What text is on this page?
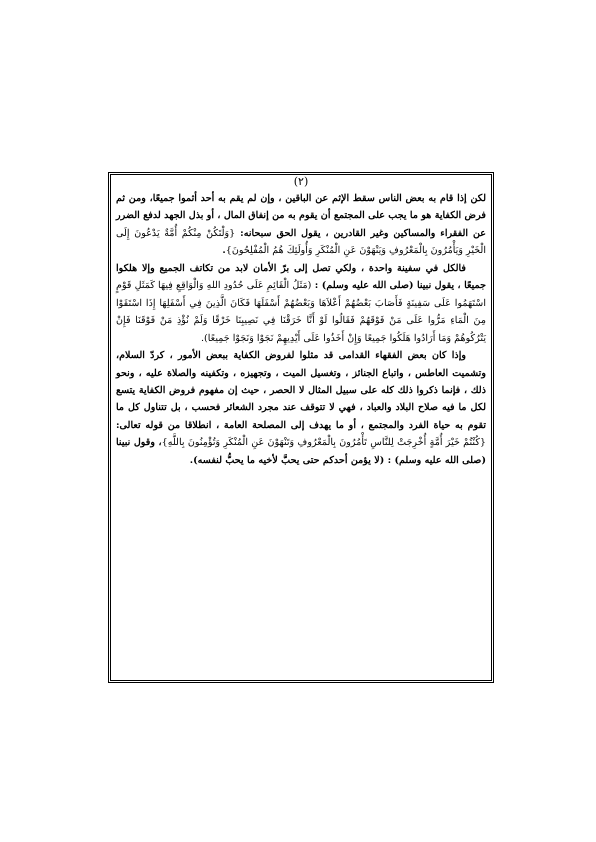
(٢)

لكن إذا قام به بعض الناس سقط الإثم عن الباقين ، وإن لم يقم به أحد أثموا جميعًا، ومن ثم فرض الكفاية هو ما يجب على المجتمع أن يقوم به من إنفاق المال ، أو بذل الجهد لدفع الضرر عن الفقراء والمساكين وغير القادرين ، يقول الحق سبحانه: {وَلْتَكُنْ مِنْكُمْ أُمَّةٌ يَدْعُونَ إِلَى الْخَيْرِ وَيَأْمُرُونَ بِالْمَعْرُوفِ وَيَنْهَوْنَ عَنِ الْمُنْكَرِ وَأُولَئِكَ هُمُ الْمُفْلِحُونَ}.

فالكل في سفينة واحدة ، ولكي تصل إلى برّ الأمان لابد من تكاتف الجميع وإلا هلكوا جميعًا ، يقول نبينا (صلى الله عليه وسلم) : (مَثَلُ الْقَائِمِ عَلَى حُدُودِ اللهِ وَالْوَاقِعِ فِيهَا كَمَثَلِ قَوْمٍ اسْتَهَمُوا عَلَى سَفِينَةٍ فَأَصَابَ بَعْضُهُمْ أَعْلاَهَا وَبَعْضُهُمْ أَسْفَلَهَا فَكَانَ الَّذِينَ فِي أَسْفَلِهَا إِذَا اسْتَقَوْا مِنَ الْمَاءِ مَرُّوا عَلَى مَنْ فَوْقَهُمْ فَقَالُوا لَوْ أَنَّا خَرَقْنَا فِي نَصِيبِنَا خَرْقًا وَلَمْ نُؤْذِ مَنْ فَوْقَنَا فَإِنْ يَتْرُكُوهُمْ وَمَا أَرَادُوا هَلَكُوا جَمِيعًا وَإِنْ أَخَذُوا عَلَى أَيْدِيهِمْ نَجَوْا وَنَجَوْا جَمِيعًا).

وإذا كان بعض الفقهاء القدامى قد مثلوا لفروض الكفاية ببعض الأمور ، كردّ السلام، وتشميت العاطس ، واتباع الجنائز ، وتغسيل الميت ، وتجهيزه ، وتكفينه والصلاة عليه ، ونحو ذلك ، فإنما ذكروا ذلك كله على سبيل المثال لا الحصر ، حيث إن مفهوم فروض الكفاية يتسع لكل ما فيه صلاح البلاد والعباد ، فهي لا تتوقف عند مجرد الشعائر فحسب ، بل تتناول كل ما تقوم به حياة الفرد والمجتمع ، أو ما يهدف إلى المصلحة العامة ، انطلاقا من قوله تعالى:{كُنْتُمْ خَيْرَ أُمَّةٍ أُخْرِجَتْ لِلنَّاسِ تَأْمُرُونَ بِالْمَعْرُوفِ وَتَنْهَوْنَ عَنِ الْمُنْكَرِ وَتُؤْمِنُونَ بِاللَّهِ}، وقول نبينا (صلى الله عليه وسلم) : (لا يؤمن أحدكم حتى يحبَّ لأخيه ما يحبُّ لنفسه).
